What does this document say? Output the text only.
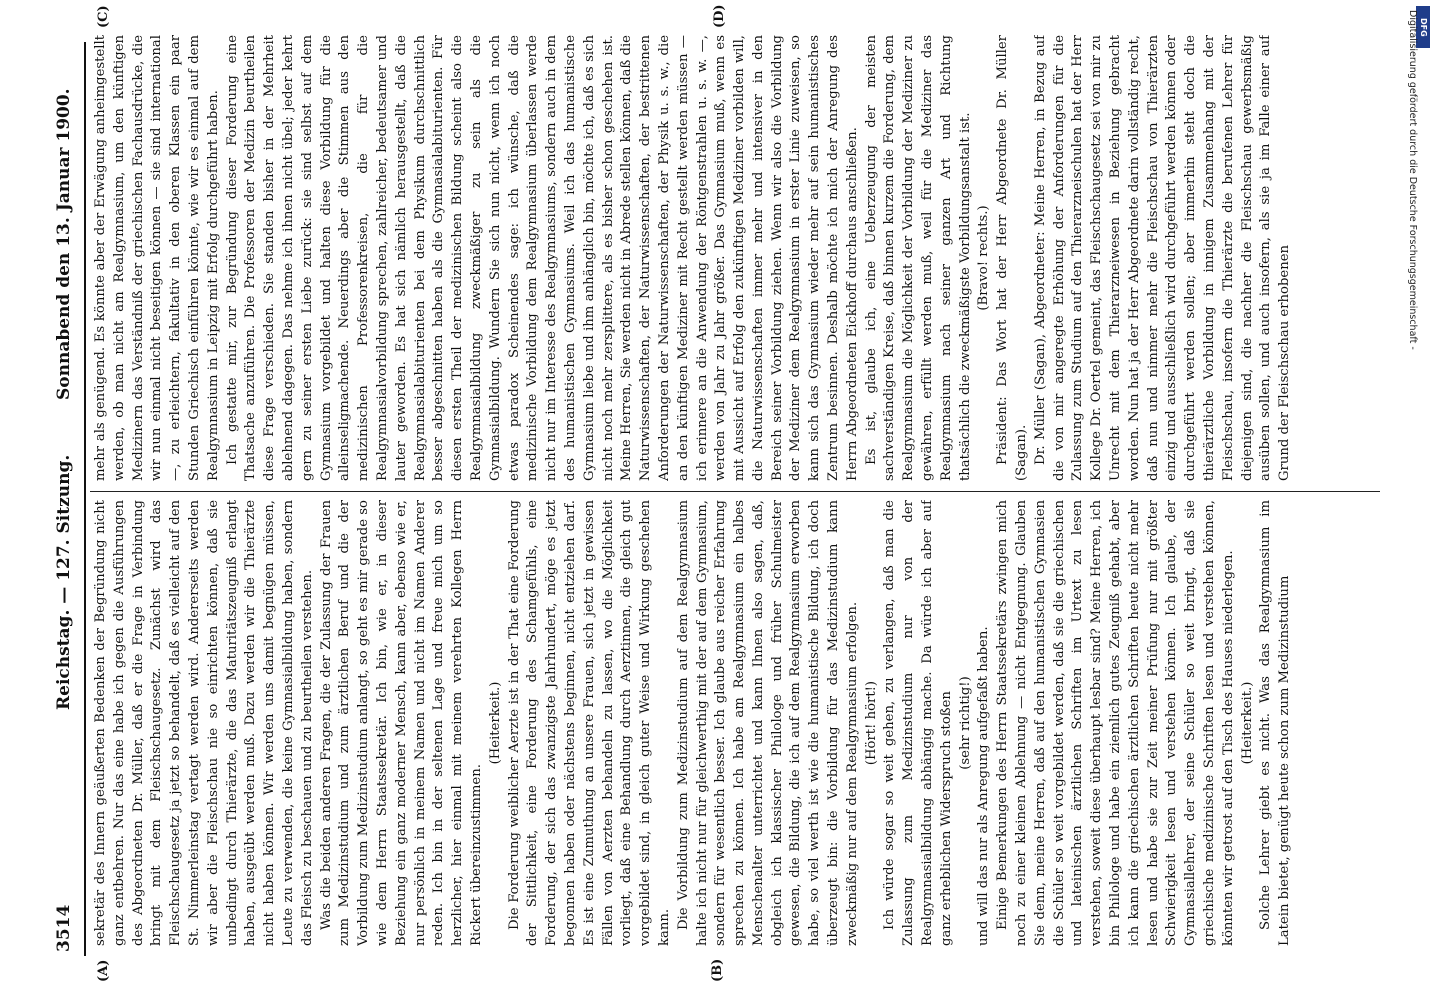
3514
Reichstag. — 127. Sitzung.
Sonnabend den 13. Januar 1900.
(A)	(B)
(C)	(D)

sekretär des Innern geäußerten Bedenken der Begründung nicht ganz entbehren. Nur das eine habe ich gegen die Ausführungen des Abgeordneten Dr. Müller, daß er die Frage in Verbindung bringt mit dem Fleischschaugesetz. Zunächst wird das Fleischschaugesetz ja jetzt so behandelt, daß es vielleicht auf den St. Nimmerleinstag vertagt werden wird. Andererseits werden wir aber die Fleischschau nie so einrichten können, daß sie unbedingt durch Thierärzte, die das Maturitätszeugniß erlangt haben, ausgeübt werden muß. Dazu werden wir die Thierärzte nicht haben können. Wir werden uns damit begnügen müssen, Leute zu verwenden, die keine Gymnasialbildung haben, sondern das Fleisch zu beschauen und zu beurtheilen verstehen. Was die beiden anderen Fragen, die der Zulassung der Frauen zum Medizinstudium und zum ärztlichen Beruf und die der Vorbildung zum Medizinstudium anlangt, so geht es mir gerade so wie dem Herrn Staatssekretär. Ich bin, wie er, in dieser Beziehung ein ganz moderner Mensch, kann aber, ebenso wie er, nur persönlich in meinem Namen und nicht im Namen Anderer reden. Ich bin in der seltenen Lage und freue mich um so herzlicher, hier einmal mit meinem verehrten Kollegen Herrn Rickert übereinzustimmen.

(Heiterkeit.) Die Forderung weiblicher Aerzte ist in der That eine Forderung der Sittlichkeit, eine Forderung des Schamgefühls, eine Forderung, der sich das zwanzigste Jahrhundert, möge es jetzt begonnen haben oder nächstens beginnen, nicht entziehen darf. Es ist eine Zumuthung an unsere Frauen, sich jetzt in gewissen Fällen von Aerzten behandeln zu lassen, wo die Möglichkeit vorliegt, daß eine Behandlung durch Aerztinnen, die gleich gut vorgebildet sind, in gleich guter Weise und Wirkung geschehen kann. Die Vorbildung zum Medizinstudium auf dem Realgymnasium halte ich nicht nur für gleichwerthig mit der auf dem Gymnasium, sondern für wesentlich besser. Ich glaube aus reicher Erfahrung sprechen zu können. Ich habe am Realgymnasium ein halbes Menschenalter unterrichtet und kann Ihnen also sagen, daß, obgleich ich klassischer Philologe und früher Schulmeister gewesen, die Bildung, die ich auf dem Realgymnasium erworben habe, so viel werth ist wie die humanistische Bildung, ich doch überzeugt bin: die Vorbildung für das Medizinstudium kann zweckmäßig nur auf dem Realgymnasium erfolgen. (Hört! hört!) Ich würde sogar so weit gehen, zu verlangen, daß man die Zulassung zum Medizinstudium nur von der Realgymnasialbildung abhängig mache. Da würde ich aber auf ganz erheblichen Widerspruch stoßen (sehr richtig!) und will das nur als Anregung aufgefaßt haben. Einige Bemerkungen des Herrn Staatssekretärs zwingen mich noch zu einer kleinen Ablehnung — nicht Entgegnung. Glauben Sie denn, meine Herren, daß auf den humanistischen Gymnasien die Schüler so weit vorgebildet werden, daß sie die griechischen und lateinischen ärztlichen Schriften im Urtext zu lesen verstehen, soweit diese überhaupt lesbar sind? Meine Herren, ich bin Philologe und habe ein ziemlich gutes Zeugniß gehabt, aber ich kann die griechischen ärztlichen Schriften heute nicht mehr lesen und habe sie zur Zeit meiner Prüfung nur mit größter Schwierigkeit lesen und verstehen können. Ich glaube, der Gymnasiallehrer, der seine Schüler so weit bringt, daß sie griechische medizinische Schriften lesen und verstehen können, könnten wir getrost auf den Tisch des Hauses niederlegen. (Heiterkeit.) Solche Lehrer giebt es nicht. Was das Realgymnasium im Latein bietet, genügt heute schon zum Medizinstudium

mehr als genügend. Es könnte aber der Erwägung anheimgestellt werden, ob man nicht am Realgymnasium, um den künftigen Medizinern das Verständniß der griechischen Fachausdrücke, die wir nun einmal nicht beseitigen können — sie sind international —, zu erleichtern, fakultativ in den oberen Klassen ein paar Stunden Griechisch einführen könnte, wie wir es einmal auf dem Realgymnasium in Leipzig mit Erfolg durchgeführt haben. Ich gestatte mir, zur Begründung dieser Forderung eine Thatsache anzuführen. Die Professoren der Medizin beurtheilen diese Frage verschieden. Sie standen bisher in der Mehrheit ablehnend dagegen. Das nehme ich ihnen nicht übel; jeder kehrt gern zu seiner ersten Liebe zurück: sie sind selbst auf dem Gymnasium vorgebildet und halten diese Vorbildung für die alleinseligmachende. Neuerdings aber die Stimmen aus den medizinischen Professorenkreisen, die für die Realgymnasialvorbildung sprechen, zahlreicher, bedeutsamer und lauter geworden. Es hat sich nämlich herausgestellt, daß die Realgymnasialabiturienten bei dem Physikum durchschnittlich besser abgeschnitten haben als die Gymnasialabiturienten. Für diesen ersten Theil der medizinischen Bildung scheint also die Realgymnasialbildung zweckmäßiger zu sein als die Gymnasialbildung. Wundern Sie sich nun nicht, wenn ich noch etwas paradox Scheinendes sage: ich wünsche, daß die medizinische Vorbildung dem Realgymnasium überlassen werde nicht nur im Interesse des Realgymnasiums, sondern auch in dem des humanistischen Gymnasiums. Weil ich das humanistische Gymnasium liebe und ihm anhänglich bin, möchte ich, daß es sich nicht noch mehr zersplittere, als es bisher schon geschehen ist. Meine Herren, Sie werden nicht in Abrede stellen können, daß die Naturwissenschaften, der Naturwissenschaften, der bestrittenen Anforderungen der Naturwissenschaften, der Physik u. s. w., die an den künftigen Mediziner mit Recht gestellt werden müssen — ich erinnere an die Anwendung der Röntgenstrahlen u. s. w. —, werden von Jahr zu Jahr größer. Das Gymnasium muß, wenn es mit Aussicht auf Erfolg den zukünftigen Mediziner vorbilden will, die Naturwissenschaften immer mehr und intensiver in den Bereich seiner Vorbildung ziehen. Wenn wir also die Vorbildung der Mediziner dem Realgymnasium in erster Linie zuweisen, so kann sich das Gymnasium wieder mehr auf sein humanistisches Zentrum besinnen. Deshalb möchte ich mich der Anregung des Herrn Abgeordneten Eickhoff durchaus anschließen. Es ist, glaube ich, eine Ueberzeugung der meisten sachverständigen Kreise, daß binnen kurzem die Forderung, dem Realgymnasium die Möglichkeit der Vorbildung der Mediziner zu gewähren, erfüllt werden muß, weil für die Mediziner das Realgymnasium nach seiner ganzen Art und Richtung thatsächlich die zweckmäßigste Vorbildungsanstalt ist. (Bravo! rechts.) Präsident: Das Wort hat der Herr Abgeordnete Dr. Müller (Sagan). Dr. Müller (Sagan), Abgeordneter: Meine Herren, in Bezug auf die von mir angeregte Erhöhung der Anforderungen für die Zulassung zum Studium auf den Thierarzneischulen hat der Herr Kollege Dr. Oertel gemeint, das Fleischschaugesetz sei von mir zu Unrecht mit dem Thierarzneiwesen in Beziehung gebracht worden. Nun hat ja der Herr Abgeordnete darin vollständig recht, daß nun und nimmer mehr die Fleischschau von Thierärzten einzig und ausschließlich wird durchgeführt werden können oder durchgeführt werden sollen; aber immerhin steht doch die thierärztliche Vorbildung in innigem Zusammenhang mit der Fleischschau, insofern die Thierärzte die berufenen Lehrer für diejenigen sind, die nachher die Fleischschau gewerbsmäßig ausüben sollen, und auch insofern, als sie ja im Falle einer auf Grund der Fleischschau erhobenen

DFG
Digitalisierung gefördert durch die Deutsche Forschungsgemeinschaft -
